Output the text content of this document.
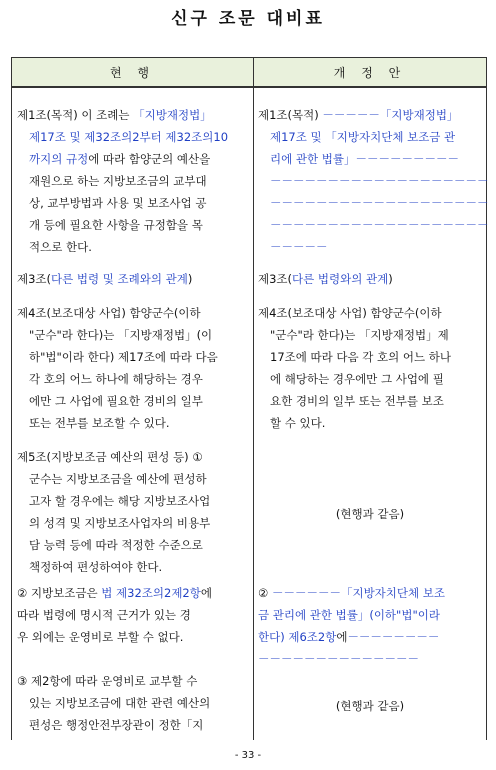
신구 조문 대비표
현 행	개 정 안
제1조(목적) 이 조례는 「지방재정법」
제17조 및 제32조의2부터 제32조의10
까지의 규정에 따라 함양군의 예산을
재원으로 하는 지방보조금의 교부대
상, 교부방법과 사용 및 보조사업 공
개 등에 필요한 사항을 규정함을 목
적으로 한다.
제1조(목적) －－－－－「지방재정법」
제17조 및 「지방자치단체 보조금 관
리에 관한 법률」－－－－－－－－－
－－－－－－－－－－－－－－－－－－－
－－－－－－－－－－－－－－－－－－－
－－－－－－－－－－－－－－－－－－－
－－－－－
제3조(다른 법령 및 조례와의 관계)	제3조(다른 법령와의 관계)
제4조(보조대상 사업) 함양군수(이하
"군수"라 한다)는 「지방재정법」(이
하"법"이라 한다) 제17조에 따라 다음
각 호의 어느 하나에 해당하는 경우
에만 그 사업에 필요한 경비의 일부
또는 전부를 보조할 수 있다.
제4조(보조대상 사업) 함양군수(이하
"군수"라 한다)는 「지방재정법」제
17조에 따라 다음 각 호의 어느 하나
에 해당하는 경우에만 그 사업에 필
요한 경비의 일부 또는 전부를 보조
할 수 있다.
제5조(지방보조금 예산의 편성 등) ①
군수는 지방보조금을 예산에 편성하
고자 할 경우에는 해당 지방보조사업
의 성격 및 지방보조사업자의 비용부
담 능력 등에 따라 적정한 수준으로
책정하여 편성하여야 한다.
(현행과 같음)
② 지방보조금은 법 제32조의2제2항에
따라 법령에 명시적 근거가 있는 경
우 외에는 운영비로 부할 수 없다.
② －－－－－－「지방자치단체 보조
금 관리에 관한 법률」(이하"법"이라
한다) 제6조2항에－－－－－－－－
－－－－－－－－－－－－－－
③ 제2항에 따라 운영비로 교부할 수
있는 지방보조금에 대한 관련 예산의
편성은 행정안전부장관이 정한「지
(현행과 같음)
- 33 -
